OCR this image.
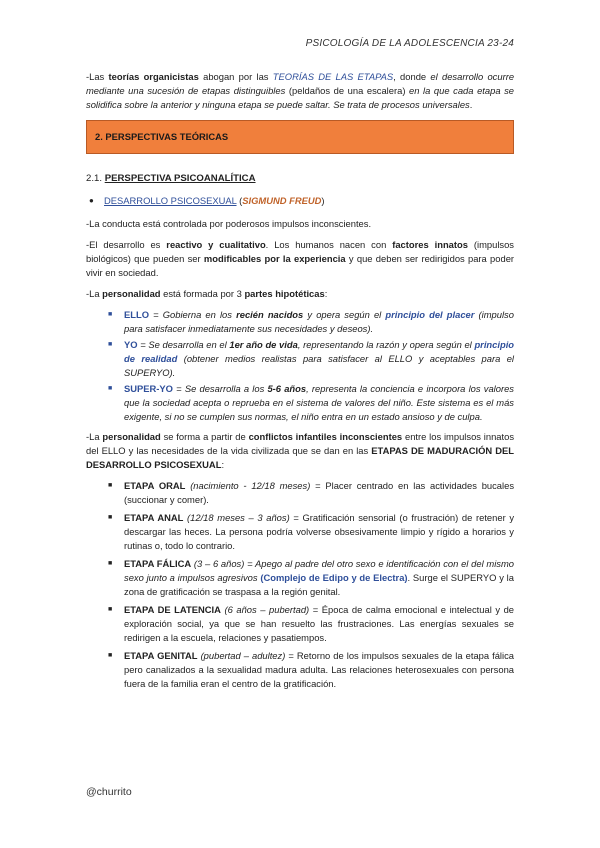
PSICOLOGÍA DE LA ADOLESCENCIA 23-24

-Las teorías organicistas abogan por las TEORÍAS DE LAS ETAPAS, donde el desarrollo ocurre mediante una sucesión de etapas distinguibles (peldaños de una escalera) en la que cada etapa se solidifica sobre la anterior y ninguna etapa se puede saltar. Se trata de procesos universales.

2. PERSPECTIVAS TEÓRICAS
2.1. PERSPECTIVA PSICOANALÍTICA
● DESARROLLO PSICOSEXUAL (SIGMUND FREUD)

-La conducta está controlada por poderosos impulsos inconscientes.

-El desarrollo es reactivo y cualitativo. Los humanos nacen con factores innatos (impulsos biológicos) que pueden ser modificables por la experiencia y que deben ser redirigidos para poder vivir en sociedad.

-La personalidad está formada por 3 partes hipotéticas:

■ ELLO = Gobierna en los recién nacidos y opera según el principio del placer (impulso para satisfacer inmediatamente sus necesidades y deseos).
■ YO = Se desarrolla en el 1er año de vida, representando la razón y opera según el principio de realidad (obtener medios realistas para satisfacer al ELLO y aceptables para el SUPERYO).
■ SUPER-YO = Se desarrolla a los 5-6 años, representa la conciencia e incorpora los valores que la sociedad acepta o reprueba en el sistema de valores del niño. Este sistema es el más exigente, si no se cumplen sus normas, el niño entra en un estado ansioso y de culpa.

-La personalidad se forma a partir de conflictos infantiles inconscientes entre los impulsos innatos del ELLO y las necesidades de la vida civilizada que se dan en las ETAPAS DE MADURACIÓN DEL DESARROLLO PSICOSEXUAL:

■ ETAPA ORAL (nacimiento - 12/18 meses) = Placer centrado en las actividades bucales (succionar y comer).
■ ETAPA ANAL (12/18 meses – 3 años) = Gratificación sensorial (o frustración) de retener y descargar las heces. La persona podría volverse obsesivamente limpio y rígido a horarios y rutinas o, todo lo contrario.
■ ETAPA FÁLICA (3 – 6 años) = Apego al padre del otro sexo e identificación con el del mismo sexo junto a impulsos agresivos (Complejo de Edipo y de Electra). Surge el SUPERYO y la zona de gratificación se traspasa a la región genital.
■ ETAPA DE LATENCIA (6 años – pubertad) = Época de calma emocional e intelectual y de exploración social, ya que se han resuelto las frustraciones. Las energías sexuales se redirigen a la escuela, relaciones y pasatiempos.
■ ETAPA GENITAL (pubertad – adultez) = Retorno de los impulsos sexuales de la etapa fálica pero canalizados a la sexualidad madura adulta. Las relaciones heterosexuales con persona fuera de la familia eran el centro de la gratificación.
@churrito
